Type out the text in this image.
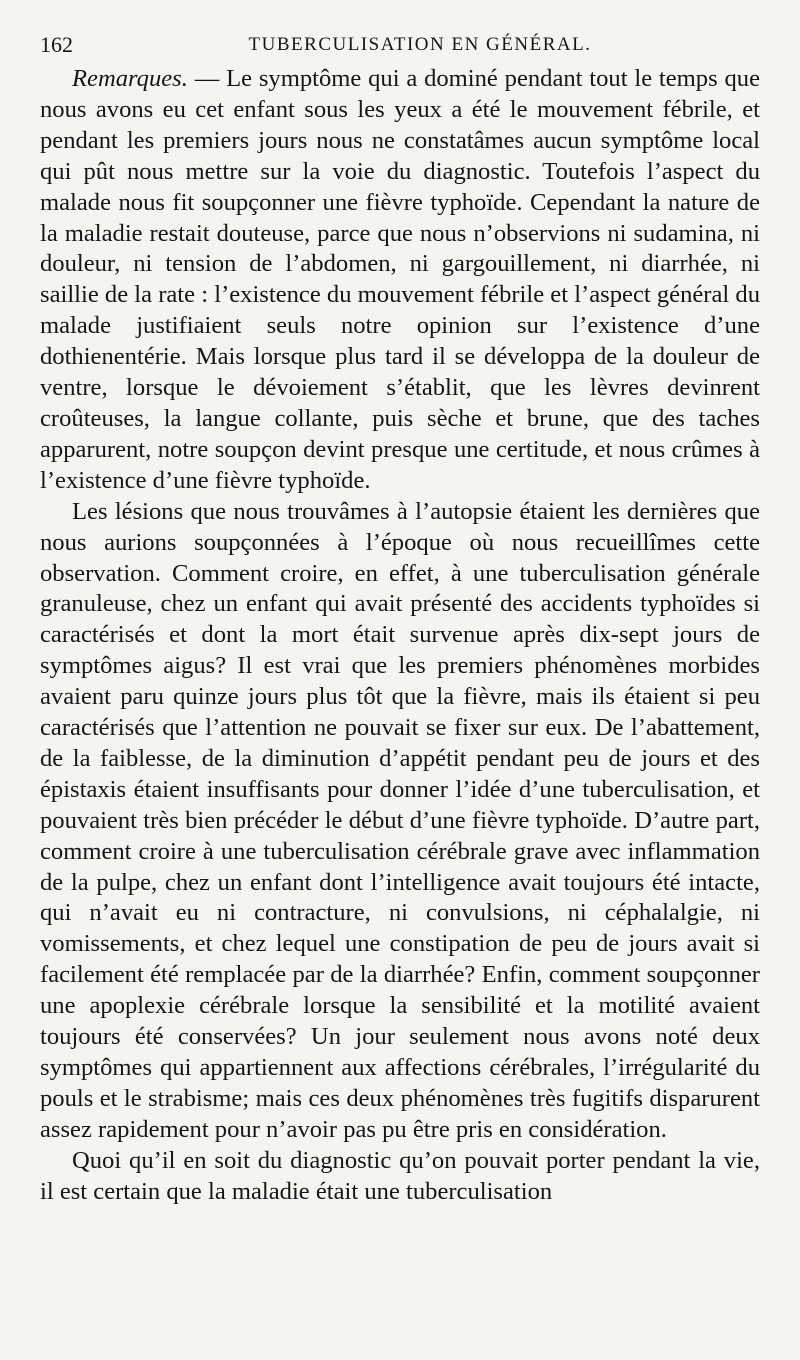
162	TUBERCULISATION EN GÉNÉRAL.

Remarques. — Le symptôme qui a dominé pendant tout le temps que nous avons eu cet enfant sous les yeux a été le mouvement fébrile, et pendant les premiers jours nous ne constatâmes aucun symptôme local qui pût nous mettre sur la voie du diagnostic. Toutefois l’aspect du malade nous fit soupçonner une fièvre typhoïde. Cependant la nature de la maladie restait douteuse, parce que nous n’observions ni sudamina, ni douleur, ni tension de l’abdomen, ni gargouillement, ni diarrhée, ni saillie de la rate : l’existence du mouvement fébrile et l’aspect général du malade justifiaient seuls notre opinion sur l’existence d’une dothienentérie. Mais lorsque plus tard il se développa de la douleur de ventre, lorsque le dévoiement s’établit, que les lèvres devinrent croûteuses, la langue collante, puis sèche et brune, que des taches apparurent, notre soupçon devint presque une certitude, et nous crûmes à l’existence d’une fièvre typhoïde.

Les lésions que nous trouvâmes à l’autopsie étaient les dernières que nous aurions soupçonnées à l’époque où nous recueillîmes cette observation. Comment croire, en effet, à une tuberculisation générale granuleuse, chez un enfant qui avait présenté des accidents typhoïdes si caractérisés et dont la mort était survenue après dix-sept jours de symptômes aigus? Il est vrai que les premiers phénomènes morbides avaient paru quinze jours plus tôt que la fièvre, mais ils étaient si peu caractérisés que l’attention ne pouvait se fixer sur eux. De l’abattement, de la faiblesse, de la diminution d’appétit pendant peu de jours et des épistaxis étaient insuffisants pour donner l’idée d’une tuberculisation, et pouvaient très bien précéder le début d’une fièvre typhoïde. D’autre part, comment croire à une tuberculisation cérébrale grave avec inflammation de la pulpe, chez un enfant dont l’intelligence avait toujours été intacte, qui n’avait eu ni contracture, ni convulsions, ni céphalalgie, ni vomissements, et chez lequel une constipation de peu de jours avait si facilement été remplacée par de la diarrhée? Enfin, comment soupçonner une apoplexie cérébrale lorsque la sensibilité et la motilité avaient toujours été conservées? Un jour seulement nous avons noté deux symptômes qui appartiennent aux affections cérébrales, l’irrégularité du pouls et le strabisme; mais ces deux phénomènes très fugitifs disparurent assez rapidement pour n’avoir pas pu être pris en considération.

Quoi qu’il en soit du diagnostic qu’on pouvait porter pendant la vie, il est certain que la maladie était une tuberculisation
